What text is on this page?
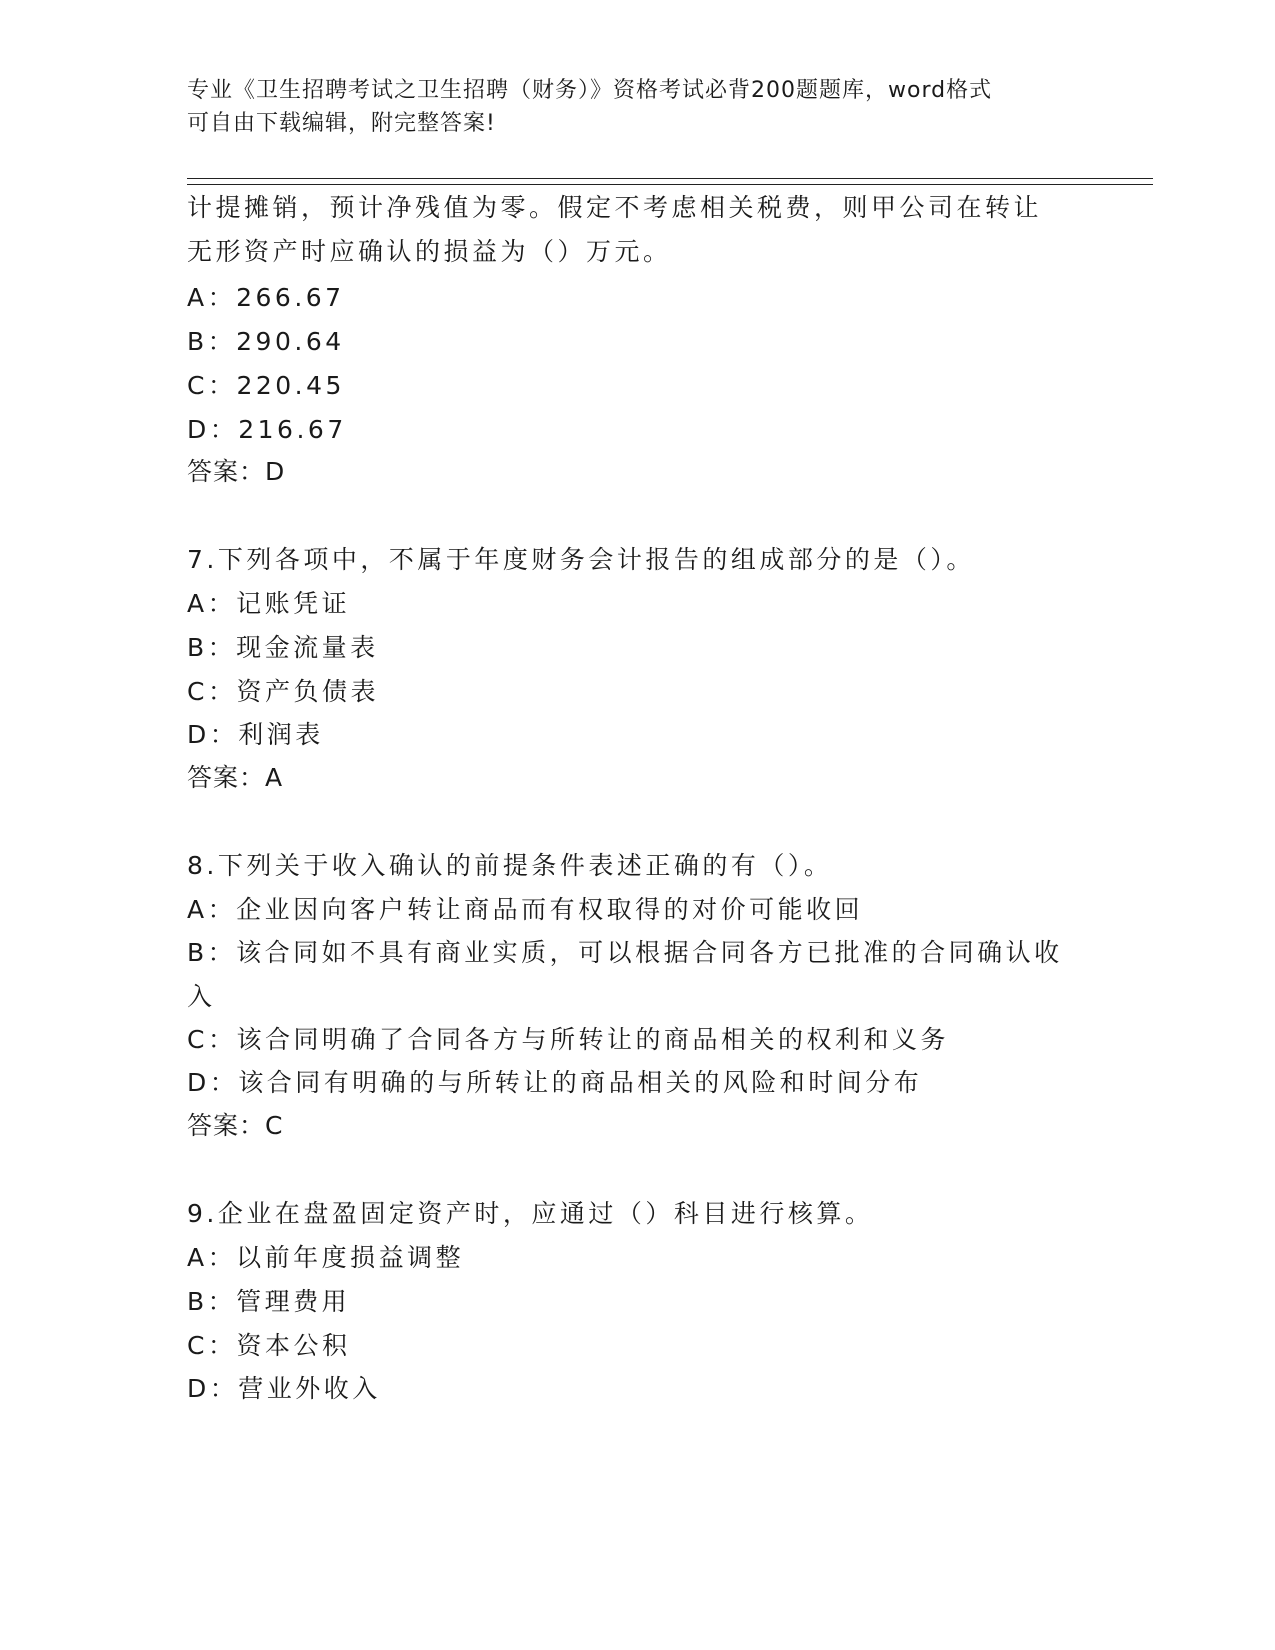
专业《卫生招聘考试之卫生招聘（财务）》资格考试必背200题题库，word格式
可自由下载编辑，附完整答案!
计提摊销，预计净残值为零。假定不考虑相关税费，则甲公司在转让
无形资产时应确认的损益为（）万元。
A：266.67
B：290.64
C：220.45
D：216.67
答案：D
7.下列各项中，不属于年度财务会计报告的组成部分的是（）。
A：记账凭证
B：现金流量表
C：资产负债表
D：利润表
答案：A
8.下列关于收入确认的前提条件表述正确的有（）。
A：企业因向客户转让商品而有权取得的对价可能收回
B：该合同如不具有商业实质，可以根据合同各方已批准的合同确认收
入
C：该合同明确了合同各方与所转让的商品相关的权利和义务
D：该合同有明确的与所转让的商品相关的风险和时间分布
答案：C
9.企业在盘盈固定资产时，应通过（）科目进行核算。
A：以前年度损益调整
B：管理费用
C：资本公积
D：营业外收入
